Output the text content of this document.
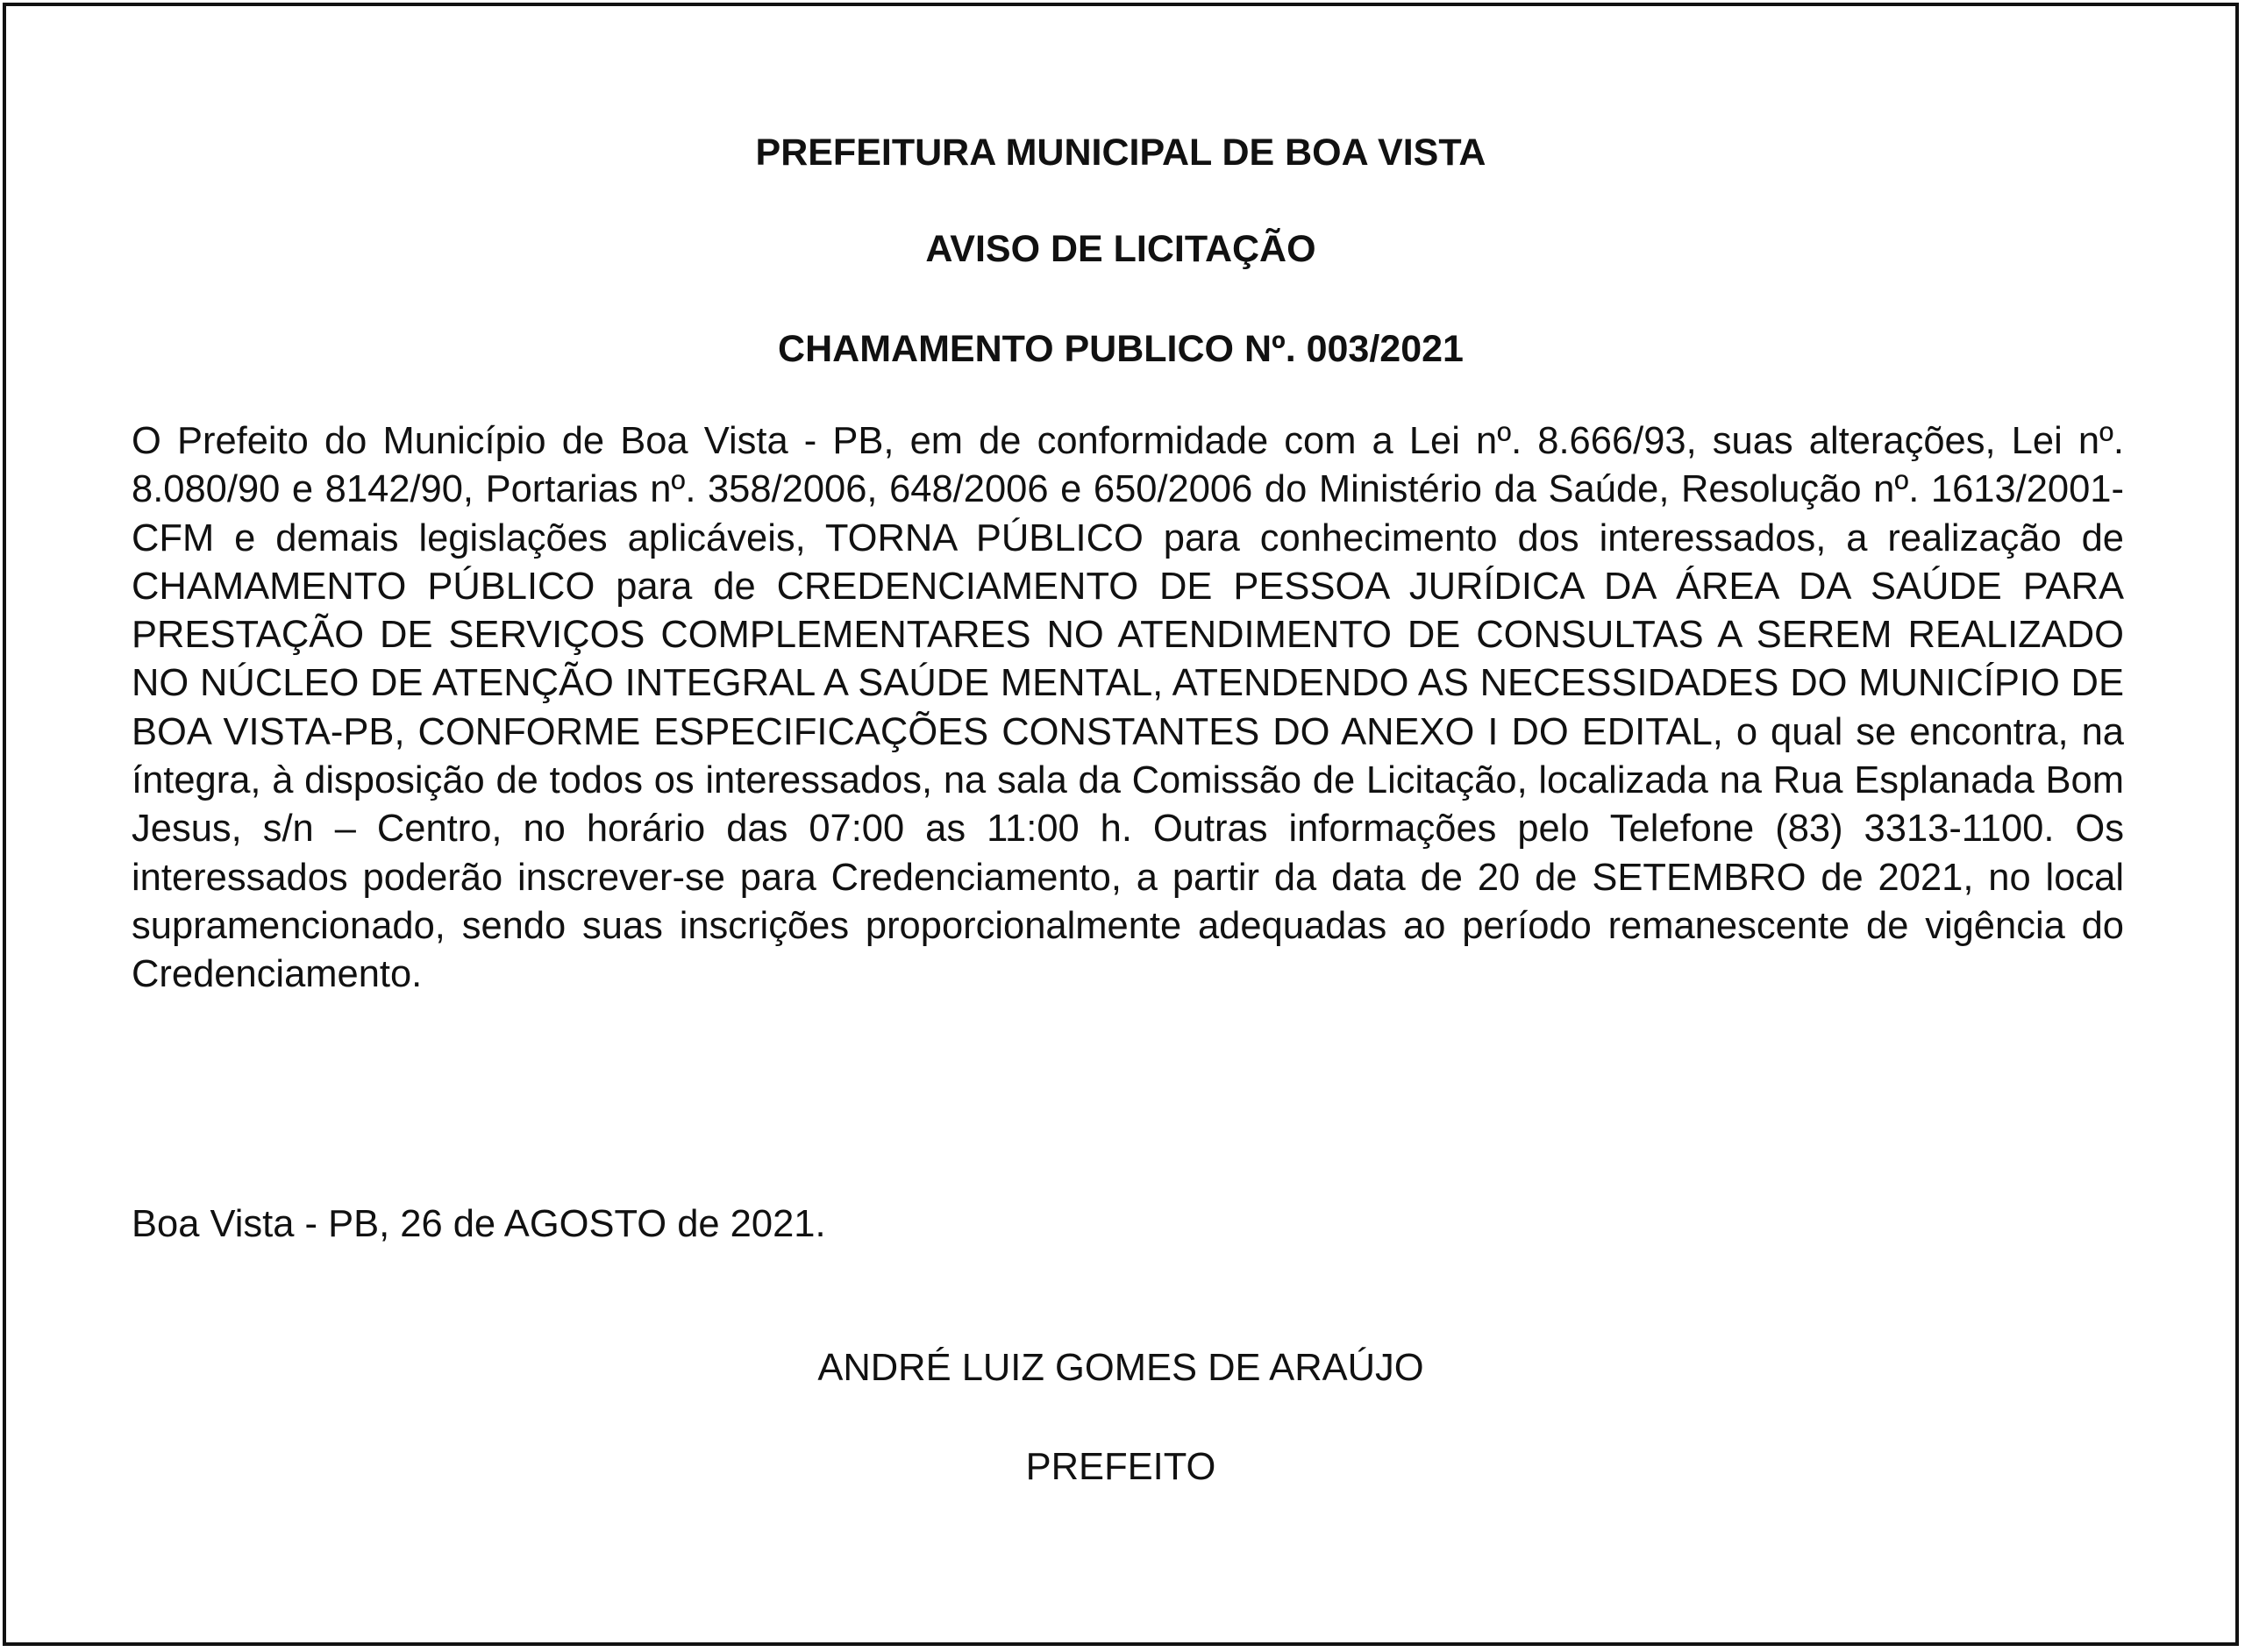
PREFEITURA MUNICIPAL DE BOA VISTA
AVISO DE LICITAÇÃO
CHAMAMENTO PUBLICO Nº. 003/2021

O Prefeito do Município de Boa Vista - PB, em de conformidade com a Lei nº. 8.666/93, suas alterações, Lei nº. 8.080/90 e 8142/90, Portarias nº. 358/2006, 648/2006 e 650/2006 do Ministério da Saúde, Resolução nº. 1613/2001-CFM e demais legislações aplicáveis, TORNA PÚBLICO para conhecimento dos interessados, a realização de CHAMAMENTO PÚBLICO para de CREDENCIAMENTO DE PESSOA JURÍDICA DA ÁREA DA SAÚDE PARA PRESTAÇÃO DE SERVIÇOS COMPLEMENTARES NO ATENDIMENTO DE CONSULTAS A SEREM REALIZADO NO NÚCLEO DE ATENÇÃO INTEGRAL A SAÚDE MENTAL, ATENDENDO AS NECESSIDADES DO MUNICÍPIO DE BOA VISTA-PB, CONFORME ESPECIFICAÇÕES CONSTANTES DO ANEXO I DO EDITAL, o qual se encontra, na íntegra, à disposição de todos os interessados, na sala da Comissão de Licitação, localizada na Rua Esplanada Bom Jesus, s/n – Centro, no horário das 07:00 as 11:00 h. Outras informações pelo Telefone (83) 3313-1100. Os interessados poderão inscrever-se para Credenciamento, a partir da data de 20 de SETEMBRO de 2021, no local supramencionado, sendo suas inscrições proporcionalmente adequadas ao período remanescente de vigência do Credenciamento.

Boa Vista - PB, 26 de AGOSTO de 2021.

ANDRÉ LUIZ GOMES DE ARAÚJO

PREFEITO
